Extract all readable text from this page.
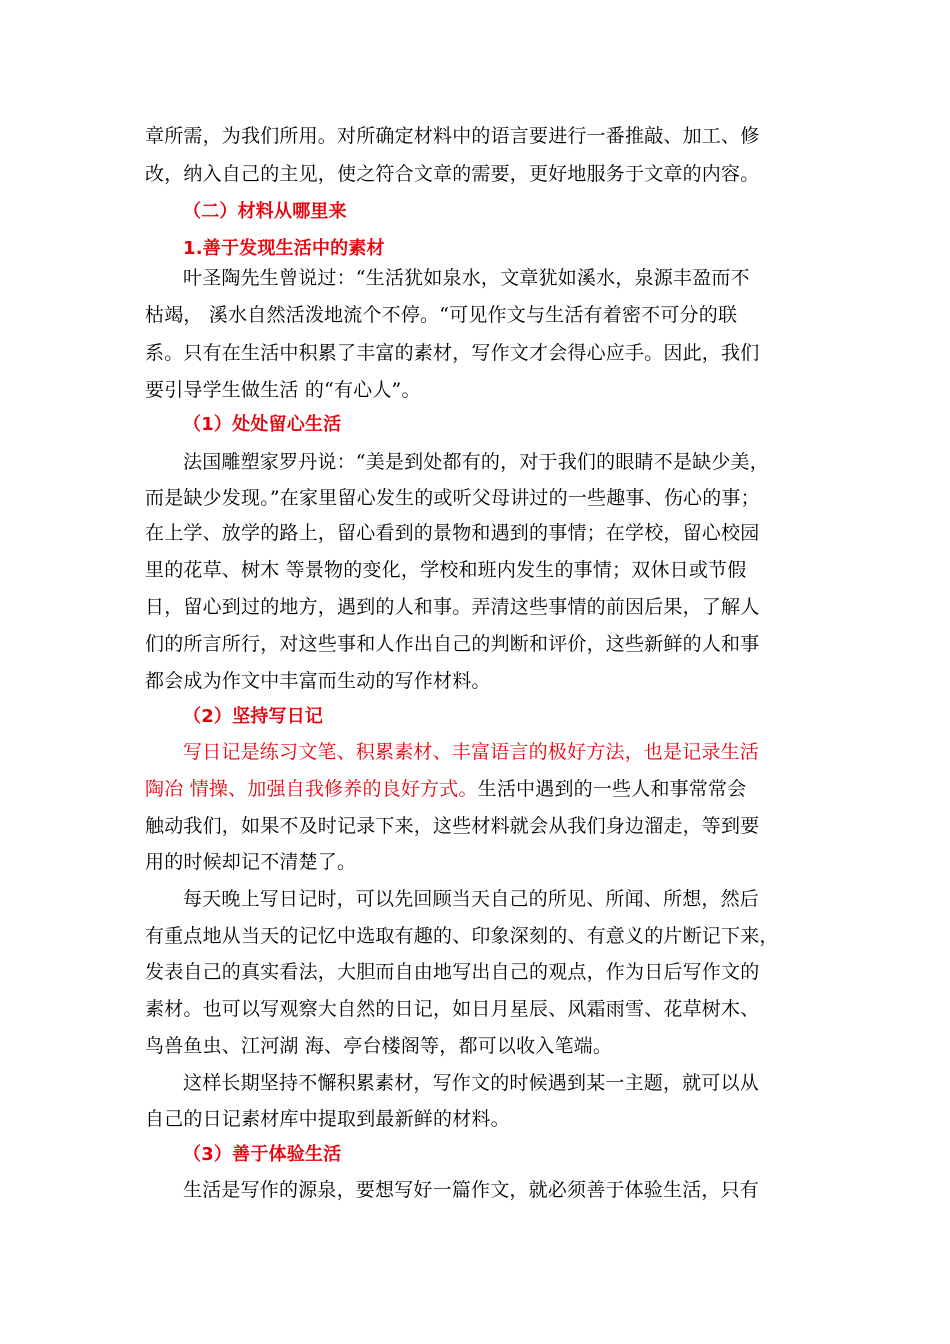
章所需，为我们所用。对所确定材料中的语言要进行一番推敲、加工、修
改，纳入自己的主见，使之符合文章的需要，更好地服务于文章的内容。
（二）材料从哪里来
1.善于发现生活中的素材
叶圣陶先生曾说过：“生活犹如泉水，文章犹如溪水，泉源丰盈而不
枯竭， 溪水自然活泼地流个不停。“可见作文与生活有着密不可分的联
系。只有在生活中积累了丰富的素材，写作文才会得心应手。因此，我们
要引导学生做生活 的“有心人”。
（1）处处留心生活
法国雕塑家罗丹说：“美是到处都有的，对于我们的眼睛不是缺少美，
而是缺少发现。”在家里留心发生的或听父母讲过的一些趣事、伤心的事；
在上学、放学的路上，留心看到的景物和遇到的事情；在学校，留心校园
里的花草、树木 等景物的变化，学校和班内发生的事情；双休日或节假
日，留心到过的地方，遇到的人和事。弄清这些事情的前因后果，了解人
们的所言所行，对这些事和人作出自己的判断和评价，这些新鲜的人和事
都会成为作文中丰富而生动的写作材料。
（2）坚持写日记
写日记是练习文笔、积累素材、丰富语言的极好方法，也是记录生活
陶冶 情操、加强自我修养的良好方式。生活中遇到的一些人和事常常会
触动我们，如果不及时记录下来，这些材料就会从我们身边溜走，等到要
用的时候却记不清楚了。
每天晚上写日记时，可以先回顾当天自己的所见、所闻、所想，然后
有重点地从当天的记忆中选取有趣的、印象深刻的、有意义的片断记下来，
发表自己的真实看法，大胆而自由地写出自己的观点，作为日后写作文的
素材。也可以写观察大自然的日记，如日月星辰、风霜雨雪、花草树木、
鸟兽鱼虫、江河湖 海、亭台楼阁等，都可以收入笔端。
这样长期坚持不懈积累素材，写作文的时候遇到某一主题，就可以从
自己的日记素材库中提取到最新鲜的材料。
（3）善于体验生活
生活是写作的源泉，要想写好一篇作文，就必须善于体验生活，只有
